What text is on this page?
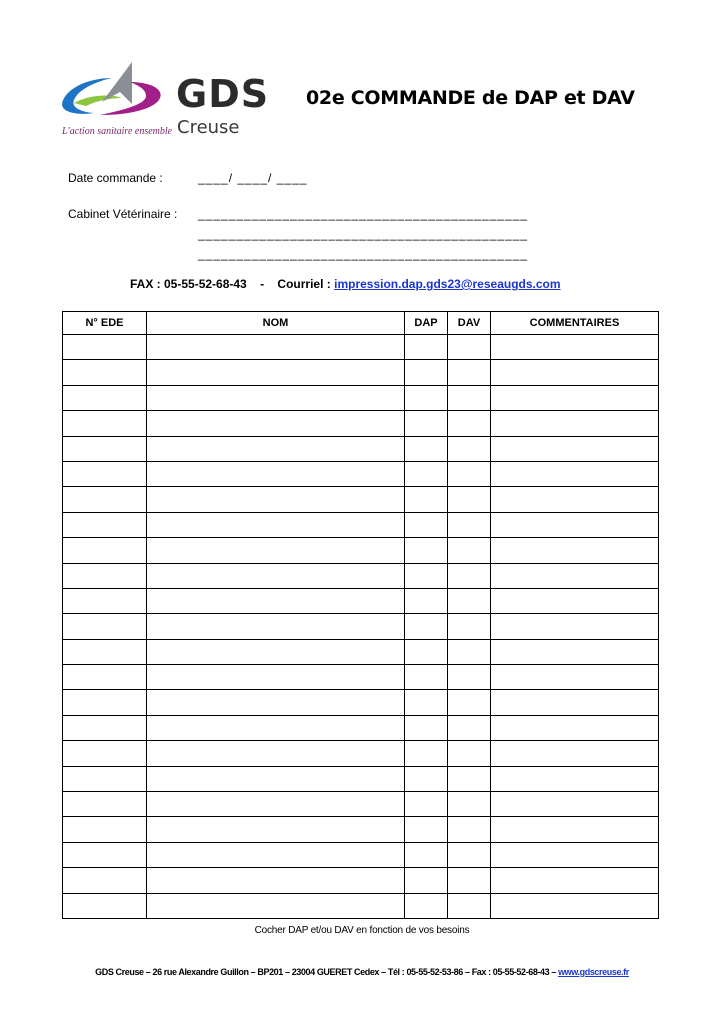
GDS
Creuse
L'action sanitaire ensemble
02e COMMANDE de DAP et DAV
Date commande :	____/ ____/ ____
Cabinet Vétérinaire : ___________________________________________
___________________________________________
___________________________________________
FAX : 05-55-52-68-43 - Courriel : impression.dap.gds23@reseaugds.com
N° EDE	NOM	DAP	DAV	COMMENTAIRES

Cocher DAP et/ou DAV en fonction de vos besoins
GDS Creuse – 26 rue Alexandre Guillon – BP201 – 23004 GUERET Cedex – Tél : 05-55-52-53-86 – Fax : 05-55-52-68-43 – www.gdscreuse.fr
